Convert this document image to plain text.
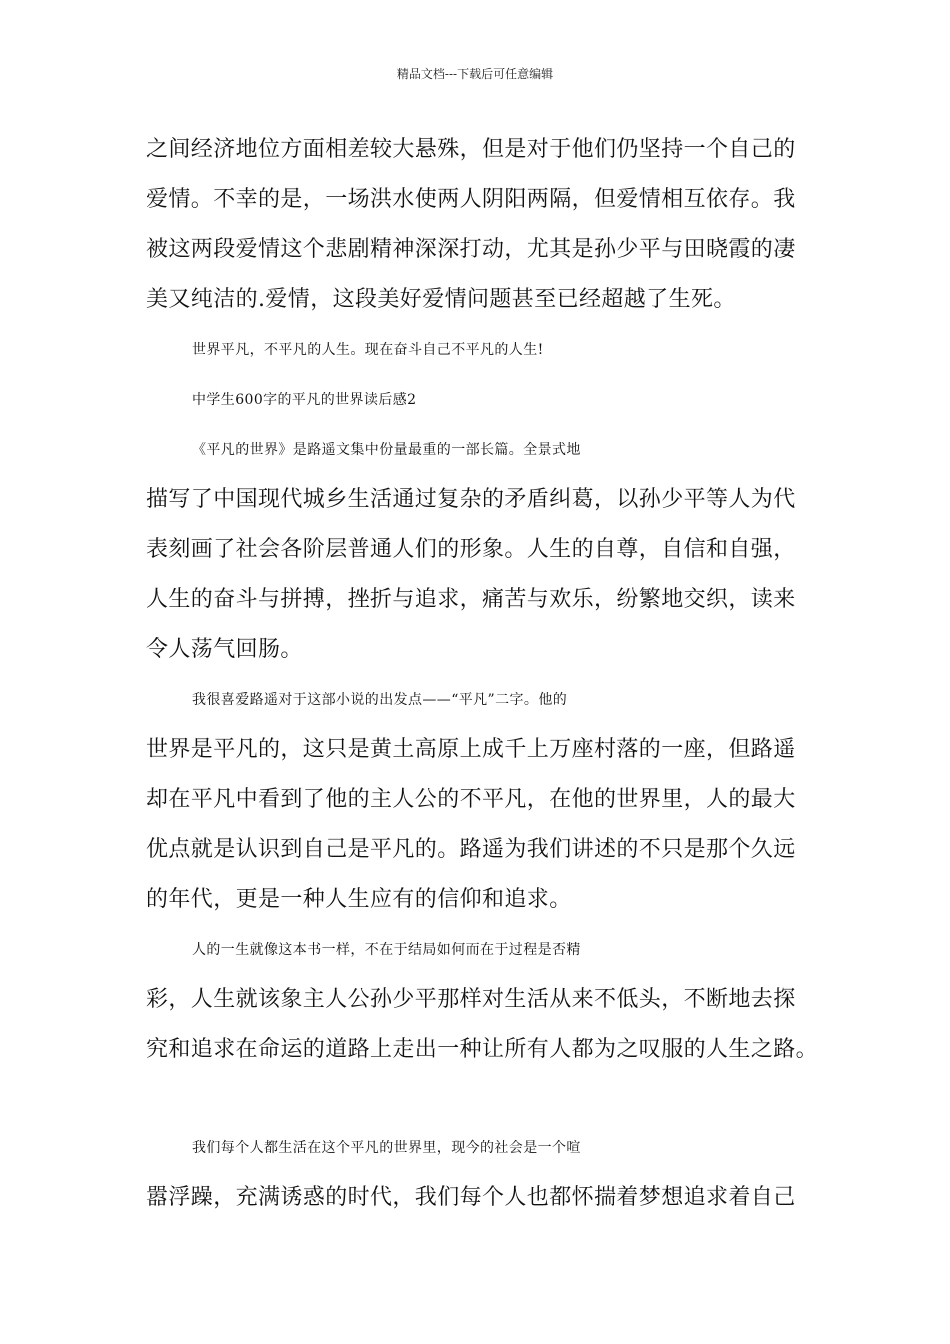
精品文档---下载后可任意编辑
之间经济地位方面相差较大悬殊，但是对于他们仍坚持一个自己的
爱情。不幸的是，一场洪水使两人阴阳两隔，但爱情相互依存。我
被这两段爱情这个悲剧精神深深打动，尤其是孙少平与田晓霞的凄
美又纯洁的.爱情，这段美好爱情问题甚至已经超越了生死。
世界平凡，不平凡的人生。现在奋斗自己不平凡的人生!
中学生600字的平凡的世界读后感2
《平凡的世界》是路遥文集中份量最重的一部长篇。全景式地
描写了中国现代城乡生活通过复杂的矛盾纠葛，以孙少平等人为代
表刻画了社会各阶层普通人们的形象。人生的自尊，自信和自强，
人生的奋斗与拼搏，挫折与追求，痛苦与欢乐，纷繁地交织，读来
令人荡气回肠。
我很喜爱路遥对于这部小说的出发点——“平凡”二字。他的
世界是平凡的，这只是黄土高原上成千上万座村落的一座，但路遥
却在平凡中看到了他的主人公的不平凡，在他的世界里，人的最大
优点就是认识到自己是平凡的。路遥为我们讲述的不只是那个久远
的年代，更是一种人生应有的信仰和追求。
人的一生就像这本书一样，不在于结局如何而在于过程是否精
彩，人生就该象主人公孙少平那样对生活从来不低头，不断地去探
究和追求在命运的道路上走出一种让所有人都为之叹服的人生之路。
我们每个人都生活在这个平凡的世界里，现今的社会是一个喧
嚣浮躁，充满诱惑的时代，我们每个人也都怀揣着梦想追求着自己
